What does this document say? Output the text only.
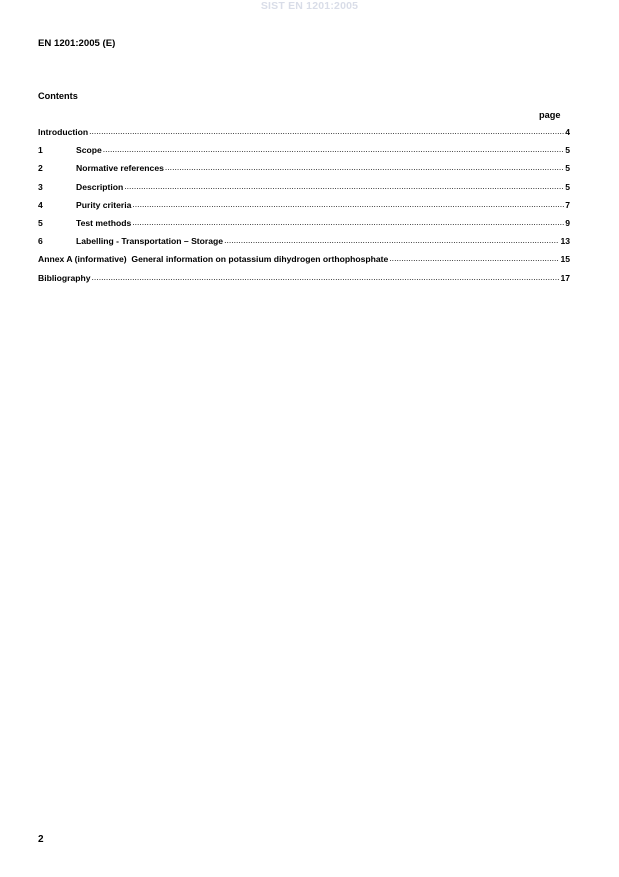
SIST EN 1201:2005
EN 1201:2005 (E)
Contents
page
Introduction .....	4
1	Scope .....	5
2	Normative references .....	5
3	Description .....	5
4	Purity criteria .....	7
5	Test methods .....	9
6	Labelling - Transportation – Storage .....	13
Annex A (informative)  General information on potassium dihydrogen orthophosphate .....	15
Bibliography .....	17
2
